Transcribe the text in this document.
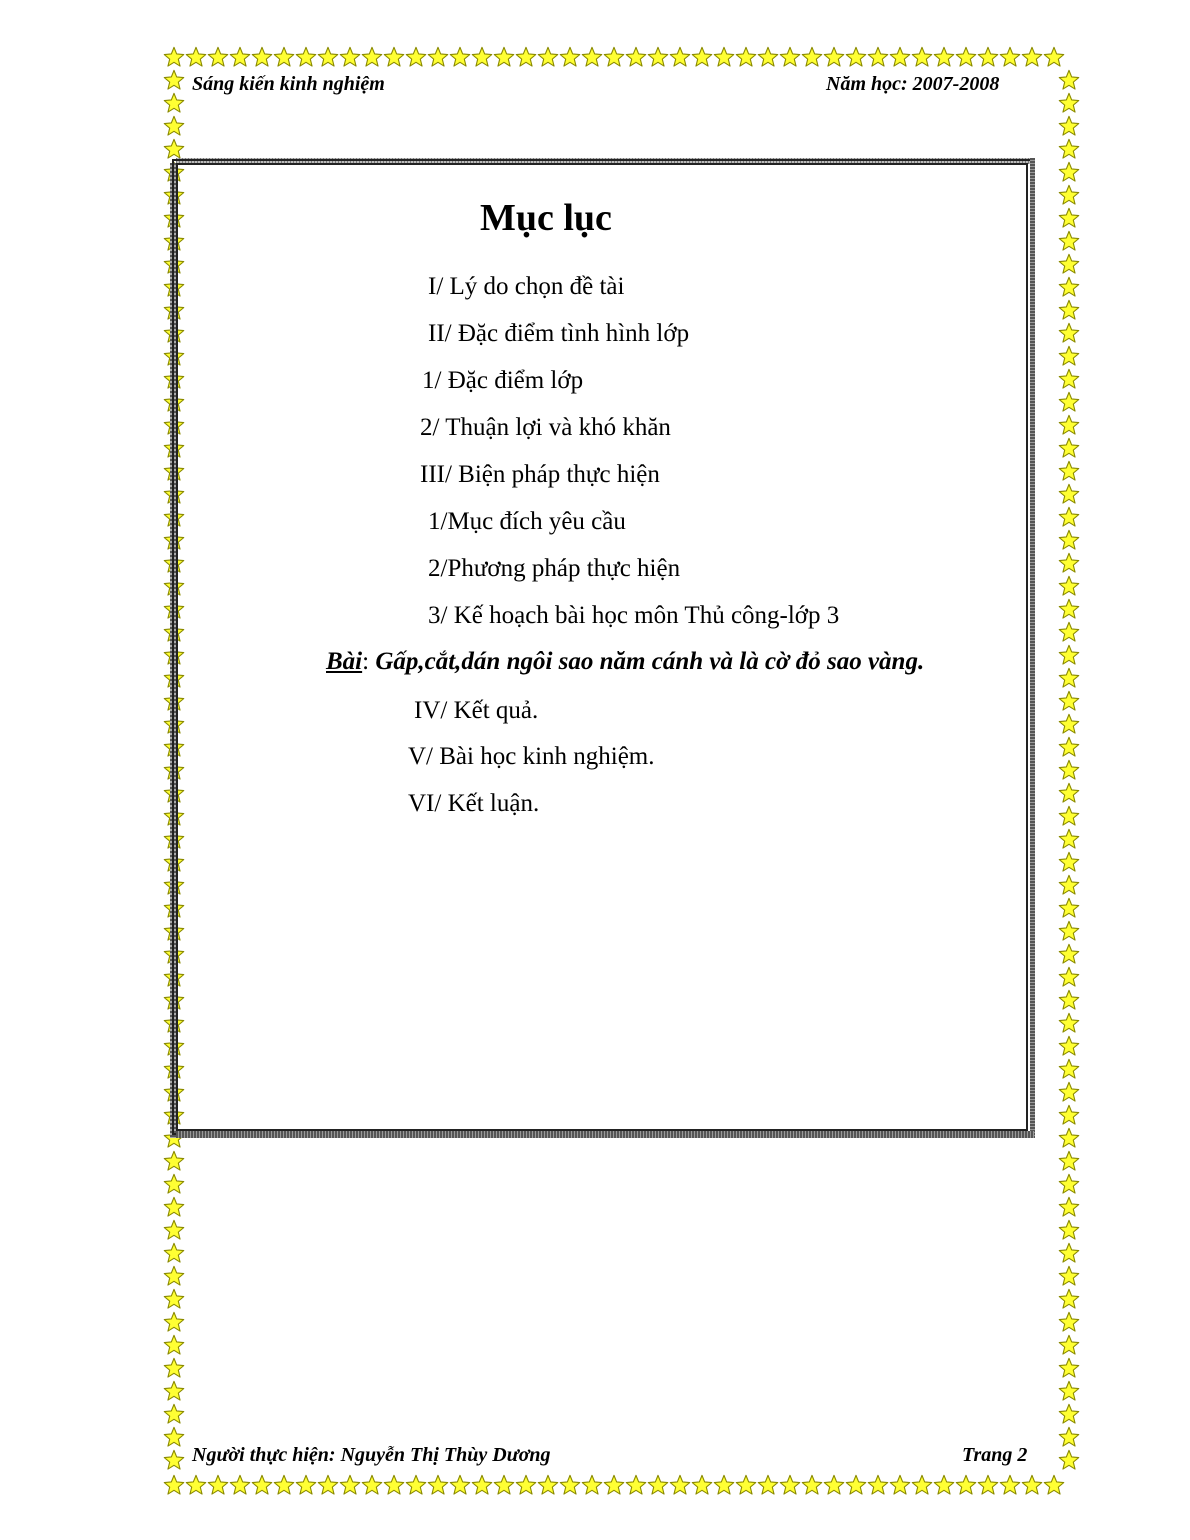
Sáng kiến kinh nghiệm	Năm học: 2007-2008
Mục lục
I/ Lý do chọn đề tài
II/ Đặc điểm tình hình lớp
1/ Đặc điểm lớp
2/ Thuận lợi và khó khăn
III/ Biện pháp thực hiện
1/Mục đích yêu cầu
2/Phương pháp thực hiện
3/ Kế hoạch bài học môn Thủ công-lớp 3
Bài: Gấp,cắt,dán ngôi sao năm cánh và là cờ đỏ sao vàng.
IV/ Kết quả.
V/ Bài học kinh nghiệm.
VI/ Kết luận.
Người thực hiện: Nguyễn Thị Thùy Dương	Trang 2
